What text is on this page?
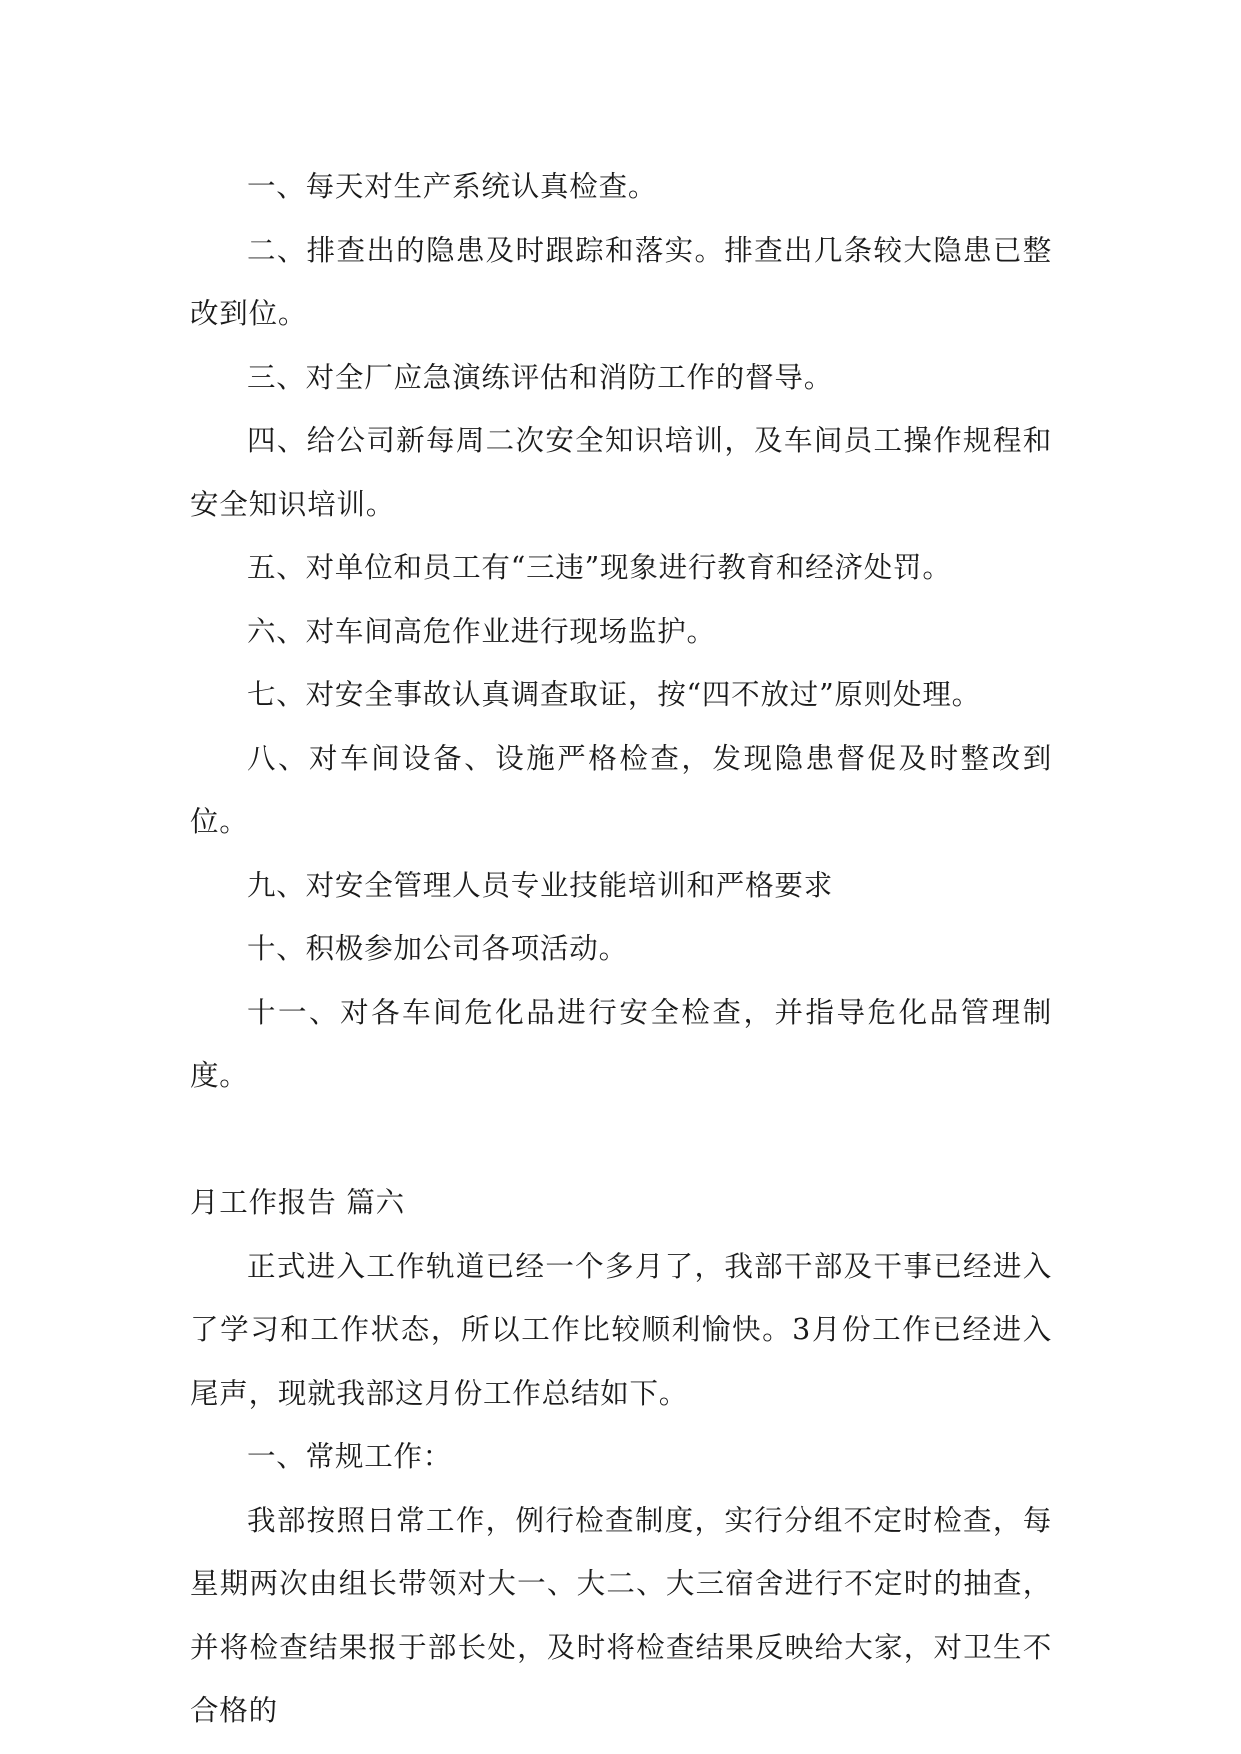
一、每天对生产系统认真检查。

二、排查出的隐患及时跟踪和落实。排查出几条较大隐患已整改到位。

三、对全厂应急演练评估和消防工作的督导。

四、给公司新每周二次安全知识培训，及车间员工操作规程和安全知识培训。

五、对单位和员工有“三违”现象进行教育和经济处罚。

六、对车间高危作业进行现场监护。

七、对安全事故认真调查取证，按“四不放过”原则处理。

八、对车间设备、设施严格检查，发现隐患督促及时整改到位。

九、对安全管理人员专业技能培训和严格要求

十、积极参加公司各项活动。

十一、对各车间危化品进行安全检查，并指导危化品管理制度。

月工作报告 篇六

正式进入工作轨道已经一个多月了，我部干部及干事已经进入了学习和工作状态，所以工作比较顺利愉快。3月份工作已经进入尾声，现就我部这月份工作总结如下。

一、常规工作：

我部按照日常工作，例行检查制度，实行分组不定时检查，每星期两次由组长带领对大一、大二、大三宿舍进行不定时的抽查，并将检查结果报于部长处，及时将检查结果反映给大家，对卫生不合格的
